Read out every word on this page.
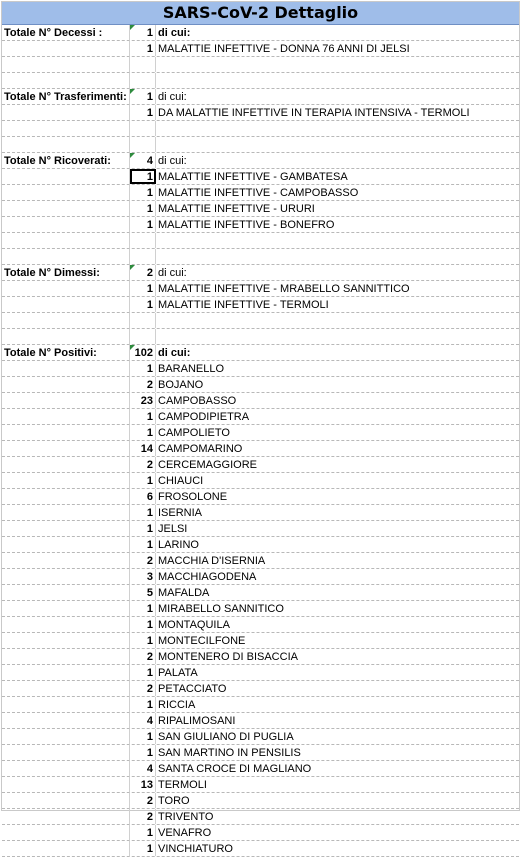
SARS-CoV-2 Dettaglio
Totale N° Decessi :	1 di cui:
1 MALATTIE INFETTIVE - DONNA 76 ANNI DI JELSI
Totale N° Trasferimenti:	1 di cui:
1 DA MALATTIE INFETTIVE IN TERAPIA INTENSIVA - TERMOLI
Totale N° Ricoverati:	4 di cui:
1 MALATTIE INFETTIVE - GAMBATESA
1 MALATTIE INFETTIVE - CAMPOBASSO
1 MALATTIE INFETTIVE - URURI
1 MALATTIE INFETTIVE - BONEFRO
Totale N° Dimessi:	2 di cui:
1 MALATTIE INFETTIVE - MRABELLO SANNITTICO
1 MALATTIE INFETTIVE - TERMOLI
Totale N° Positivi:	102 di cui:
1 BARANELLO
2 BOJANO
23 CAMPOBASSO
1 CAMPODIPIETRA
1 CAMPOLIETO
14 CAMPOMARINO
2 CERCEMAGGIORE
1 CHIAUCI
6 FROSOLONE
1 ISERNIA
1 JELSI
1 LARINO
2 MACCHIA D'ISERNIA
3 MACCHIAGODENA
5 MAFALDA
1 MIRABELLO SANNITICO
1 MONTAQUILA
1 MONTECILFONE
2 MONTENERO DI BISACCIA
1 PALATA
2 PETACCIATO
1 RICCIA
4 RIPALIMOSANI
1 SAN GIULIANO DI PUGLIA
1 SAN MARTINO IN PENSILIS
4 SANTA CROCE DI MAGLIANO
13 TERMOLI
2 TORO
2 TRIVENTO
1 VENAFRO
1 VINCHIATURO
